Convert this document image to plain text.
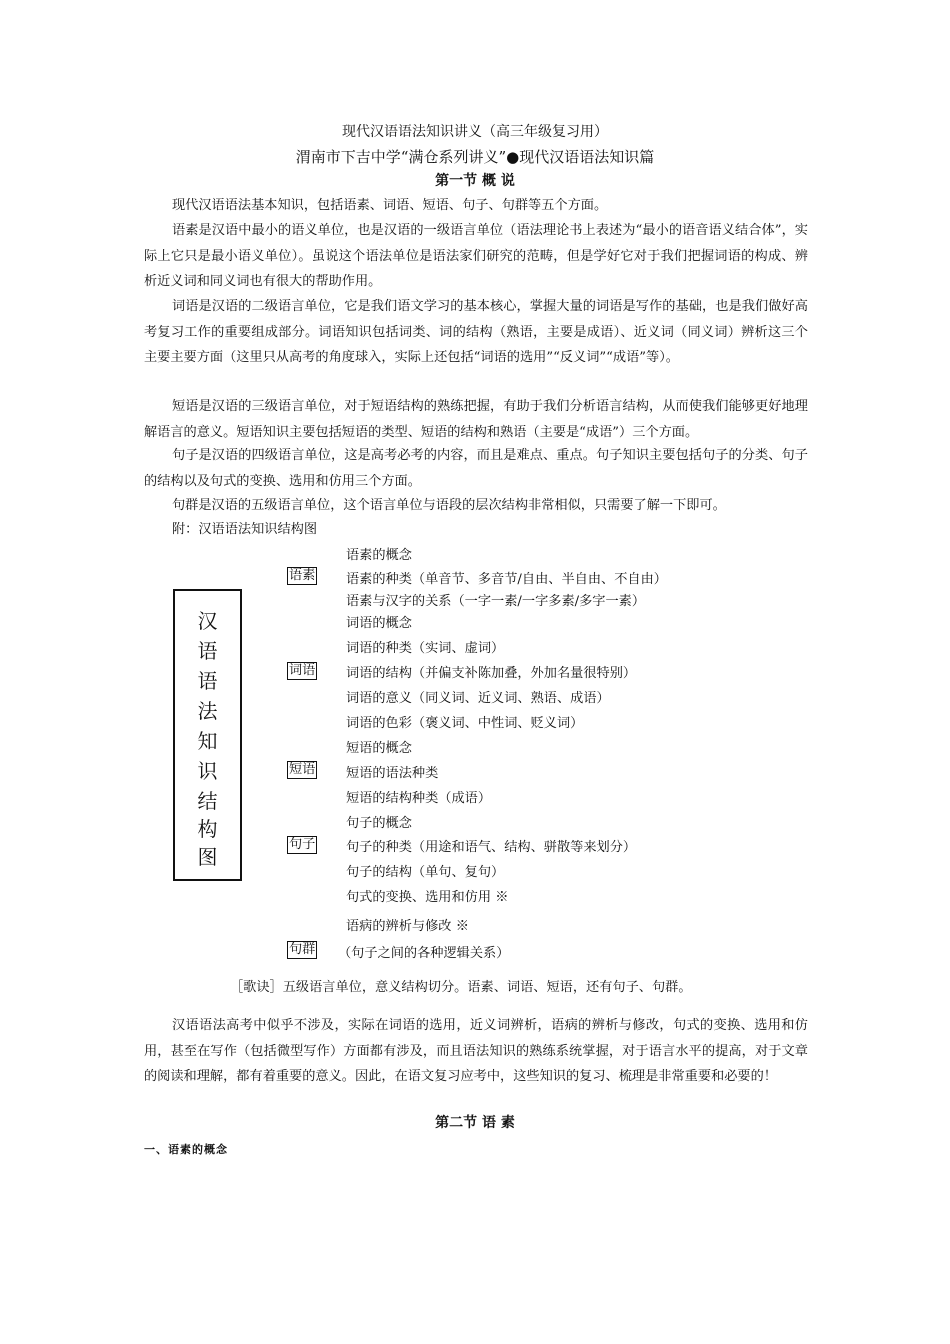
现代汉语语法知识讲义（高三年级复习用）
渭南市下吉中学“满仓系列讲义”●现代汉语语法知识篇
第一节 概 说
现代汉语语法基本知识，包括语素、词语、短语、句子、句群等五个方面。
语素是汉语中最小的语义单位，也是汉语的一级语言单位（语法理论书上表述为“最小的语音语义结合体”，实际上它只是最小语义单位）。虽说这个语法单位是语法家们研究的范畴，但是学好它对于我们把握词语的构成、辨析近义词和同义词也有很大的帮助作用。
词语是汉语的二级语言单位，它是我们语文学习的基本核心，掌握大量的词语是写作的基础，也是我们做好高考复习工作的重要组成部分。词语知识包括词类、词的结构（熟语，主要是成语）、近义词（同义词）辨析这三个主要主要方面（这里只从高考的角度球入，实际上还包括“词语的选用”“反义词”“成语”等）。
短语是汉语的三级语言单位，对于短语结构的熟练把握，有助于我们分析语言结构，从而使我们能够更好地理解语言的意义。短语知识主要包括短语的类型、短语的结构和熟语（主要是“成语”）三个方面。
句子是汉语的四级语言单位，这是高考必考的内容，而且是难点、重点。句子知识主要包括句子的分类、句子的结构以及句式的变换、选用和仿用三个方面。
句群是汉语的五级语言单位，这个语言单位与语段的层次结构非常相似，只需要了解一下即可。
附：汉语语法知识结构图
汉
语
语
法
知
识
结
构
图
语素
词语
短语
句子
句群
语素的概念
语素的种类（单音节、多音节/自由、半自由、不自由）
语素与汉字的关系（一字一素/一字多素/多字一素）
词语的概念
词语的种类（实词、虚词）
词语的结构（并偏支补陈加叠，外加名量很特别）
词语的意义（同义词、近义词、熟语、成语）
词语的色彩（褒义词、中性词、贬义词）
短语的概念
短语的语法种类
短语的结构种类（成语）
句子的概念
句子的种类（用途和语气、结构、骈散等来划分）
句子的结构（单句、复句）
句式的变换、选用和仿用 ※
语病的辨析与修改 ※
（句子之间的各种逻辑关系）
［歌诀］五级语言单位，意义结构切分。语素、词语、短语，还有句子、句群。
汉语语法高考中似乎不涉及，实际在词语的选用，近义词辨析，语病的辨析与修改，句式的变换、选用和仿用，甚至在写作（包括微型写作）方面都有涉及，而且语法知识的熟练系统掌握，对于语言水平的提高，对于文章的阅读和理解，都有着重要的意义。因此，在语文复习应考中，这些知识的复习、梳理是非常重要和必要的！
第二节 语 素
一、语素的概念
